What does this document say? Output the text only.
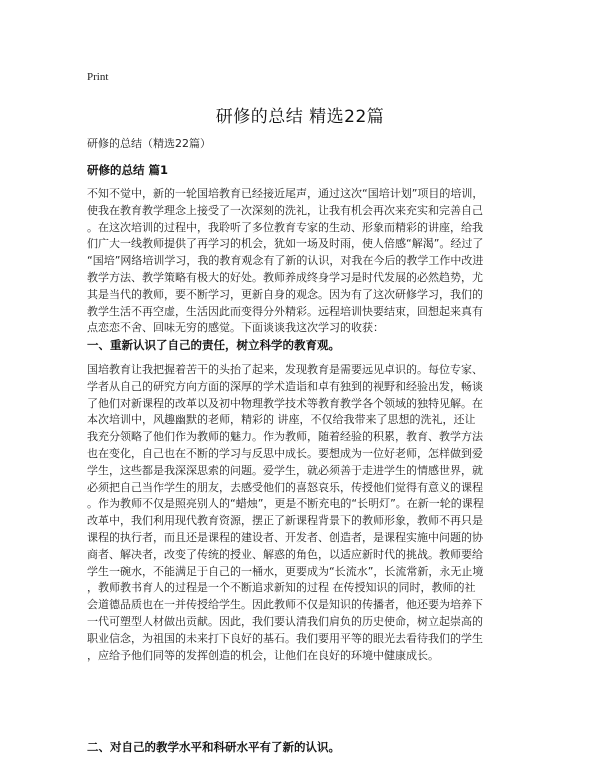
Print
研修的总结 精选22篇
研修的总结（精选22篇）
研修的总结 篇1
不知不觉中，新的一轮国培教育已经接近尾声，通过这次“国培计划”项目的培训，
使我在教育教学理念上接受了一次深刻的洗礼，让我有机会再次来充实和完善自己
。在这次培训的过程中，我聆听了多位教育专家的生动、形象而精彩的讲座，给我
们广大一线教师提供了再学习的机会，犹如一场及时雨，使人倍感“解渴”。经过了
“国培”网络培训学习，我的教育观念有了新的认识，对我在今后的教学工作中改进
教学方法、教学策略有极大的好处。教师养成终身学习是时代发展的必然趋势，尤
其是当代的教师，要不断学习，更新自身的观念。因为有了这次研修学习，我们的
教学生活不再空虚，生活因此而变得分外精彩。远程培训快要结束，回想起来真有
点恋恋不舍、回味无穷的感觉。下面谈谈我这次学习的收获：
一、重新认识了自己的责任，树立科学的教育观。
国培教育让我把握着苦干的头抬了起来，发现教育是需要远见卓识的。每位专家、
学者从自己的研究方向方面的深厚的学术造诣和卓有独到的视野和经验出发，畅谈
了他们对新课程的改革以及初中物理教学技术等教育教学各个领域的独特见解。在
本次培训中，风趣幽默的老师，精彩的 讲座，不仅给我带来了思想的洗礼，还让
我充分领略了他们作为教师的魅力。作为教师，随着经验的积累，教育、教学方法
也在变化，自己也在不断的学习与反思中成长。要想成为一位好老师，怎样做到爱
学生，这些都是我深深思索的问题。爱学生，就必须善于走进学生的情感世界，就
必须把自己当作学生的朋友，去感受他们的喜怒哀乐，传授他们觉得有意义的课程
。作为教师不仅是照亮别人的“蜡烛”，更是不断充电的“长明灯”。在新一轮的课程
改革中，我们利用现代教育资源，摆正了新课程背景下的教师形象，教师不再只是
课程的执行者，而且还是课程的建设者、开发者、创造者，是课程实施中问题的协
商者、解决者，改变了传统的授业、解惑的角色，以适应新时代的挑战。教师要给
学生一碗水，不能满足于自己的一桶水，更要成为“长流水”，长流常新，永无止境
，教师教书育人的过程是一个不断追求新知的过程 在传授知识的同时，教师的社
会道德品质也在一并传授给学生。因此教师不仅是知识的传播者，他还要为培养下
一代可塑型人材做出贡献。因此，我们要认清我们肩负的历史使命，树立起崇高的
职业信念，为祖国的未来打下良好的基石。我们要用平等的眼光去看待我们的学生
，应给予他们同等的发挥创造的机会，让他们在良好的环境中健康成长。
二、对自己的教学水平和科研水平有了新的认识。
